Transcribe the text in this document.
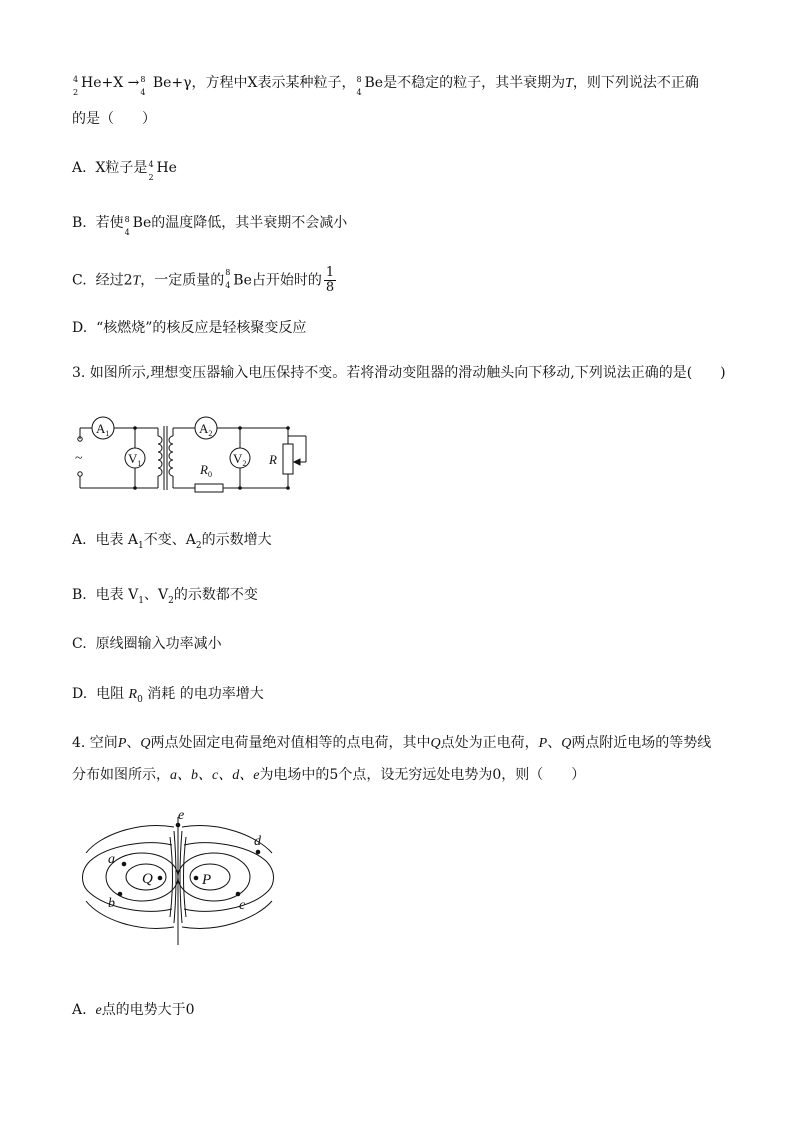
4
2
He+X → 8
4
Be+γ，方程中X表示某种粒子， 8
4
Be是不稳定的粒子，其半衰期为T，则下列说法不正确
的是（　　）
A. X粒子是 4
2
He
B. 若使 8
4
Be的温度降低，其半衰期不会减小
C. 经过2T，一定质量的 8
4 Be占开始时的 $\frac{1}{8}$
D. “核燃烧”的核反应是轻核聚变反应
3. 如图所示,理想变压器输入电压保持不变。若将滑动变阻器的滑动触头向下移动,下列说法正确的是(　　)
$A_1$
$V_1$
$A_2$
$V_2$
$R_0$
R
~
A. 电表 $A_1$不变、$A_2$的示数增大
B. 电表 $V_1$、$V_2$的示数都不变
C. 原线圈输入功率减小
D. 电阻 $R_0$ 消耗 的电功率增大
4. 空间P、Q两点处固定电荷量绝对值相等的点电荷，其中Q点处为正电荷，P、Q两点附近电场的等势线
分布如图所示，a、b、c、d、e为电场中的5个点，设无穷远处电势为0，则（　　）
e
a
b
Q	P
c
d
A. e点的电势大于0
